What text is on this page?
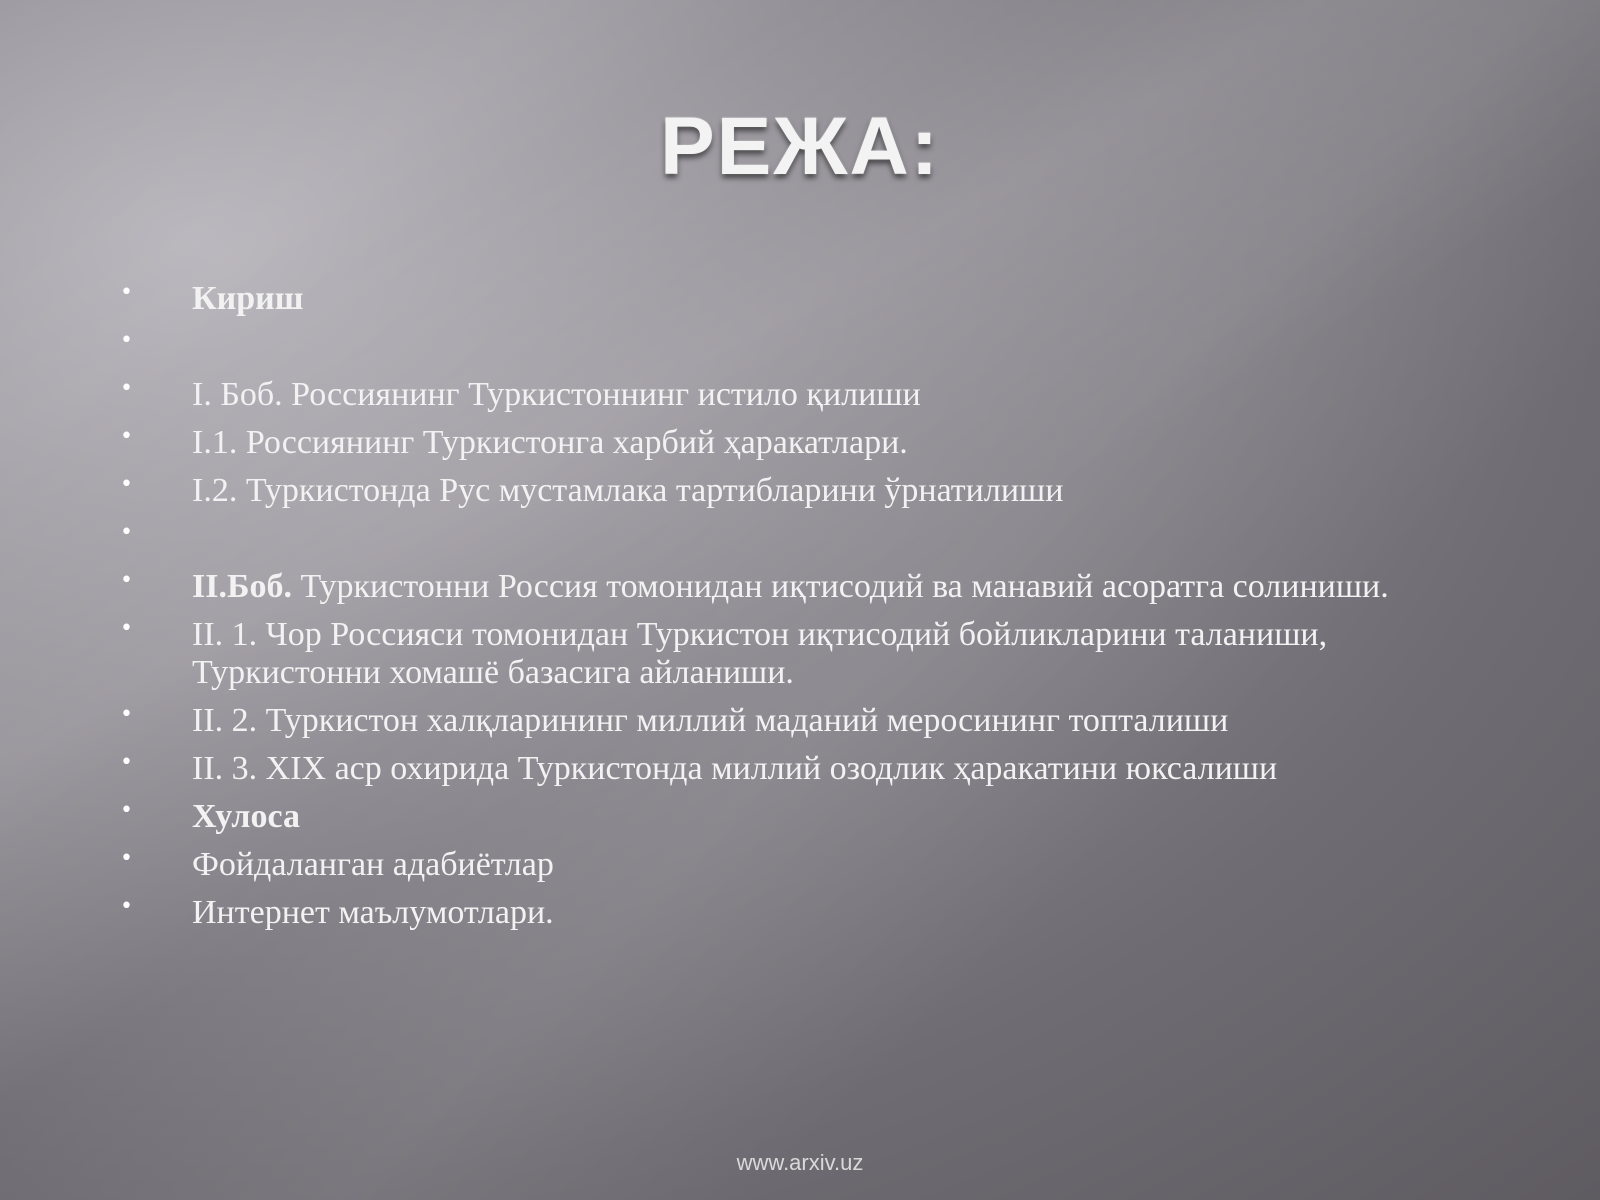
РЕЖА:
• Кириш
•
• I. Боб. Россиянинг Туркистоннинг истило қилиши
• I.1. Россиянинг Туркистонга харбий ҳаракатлари.
• I.2. Туркистонда Рус мустамлака тартибларини ўрнатилиши
•
• II.Боб. Туркистонни Россия томонидан иқтисодий ва манавий асоратга солиниши.
• II. 1. Чор Россияси томонидан Туркистон иқтисодий бойликларини таланиши, Туркистонни хомашё базасига айланиши.
• II. 2. Туркистон халқларининг миллий маданий меросининг топталиши
• II. 3. XIX аср охирида Туркистонда миллий озодлик ҳаракатини юксалиши
• Хулоса
• Фойдаланган адабиётлар
• Интернет маълумотлари.
www.arxiv.uz
